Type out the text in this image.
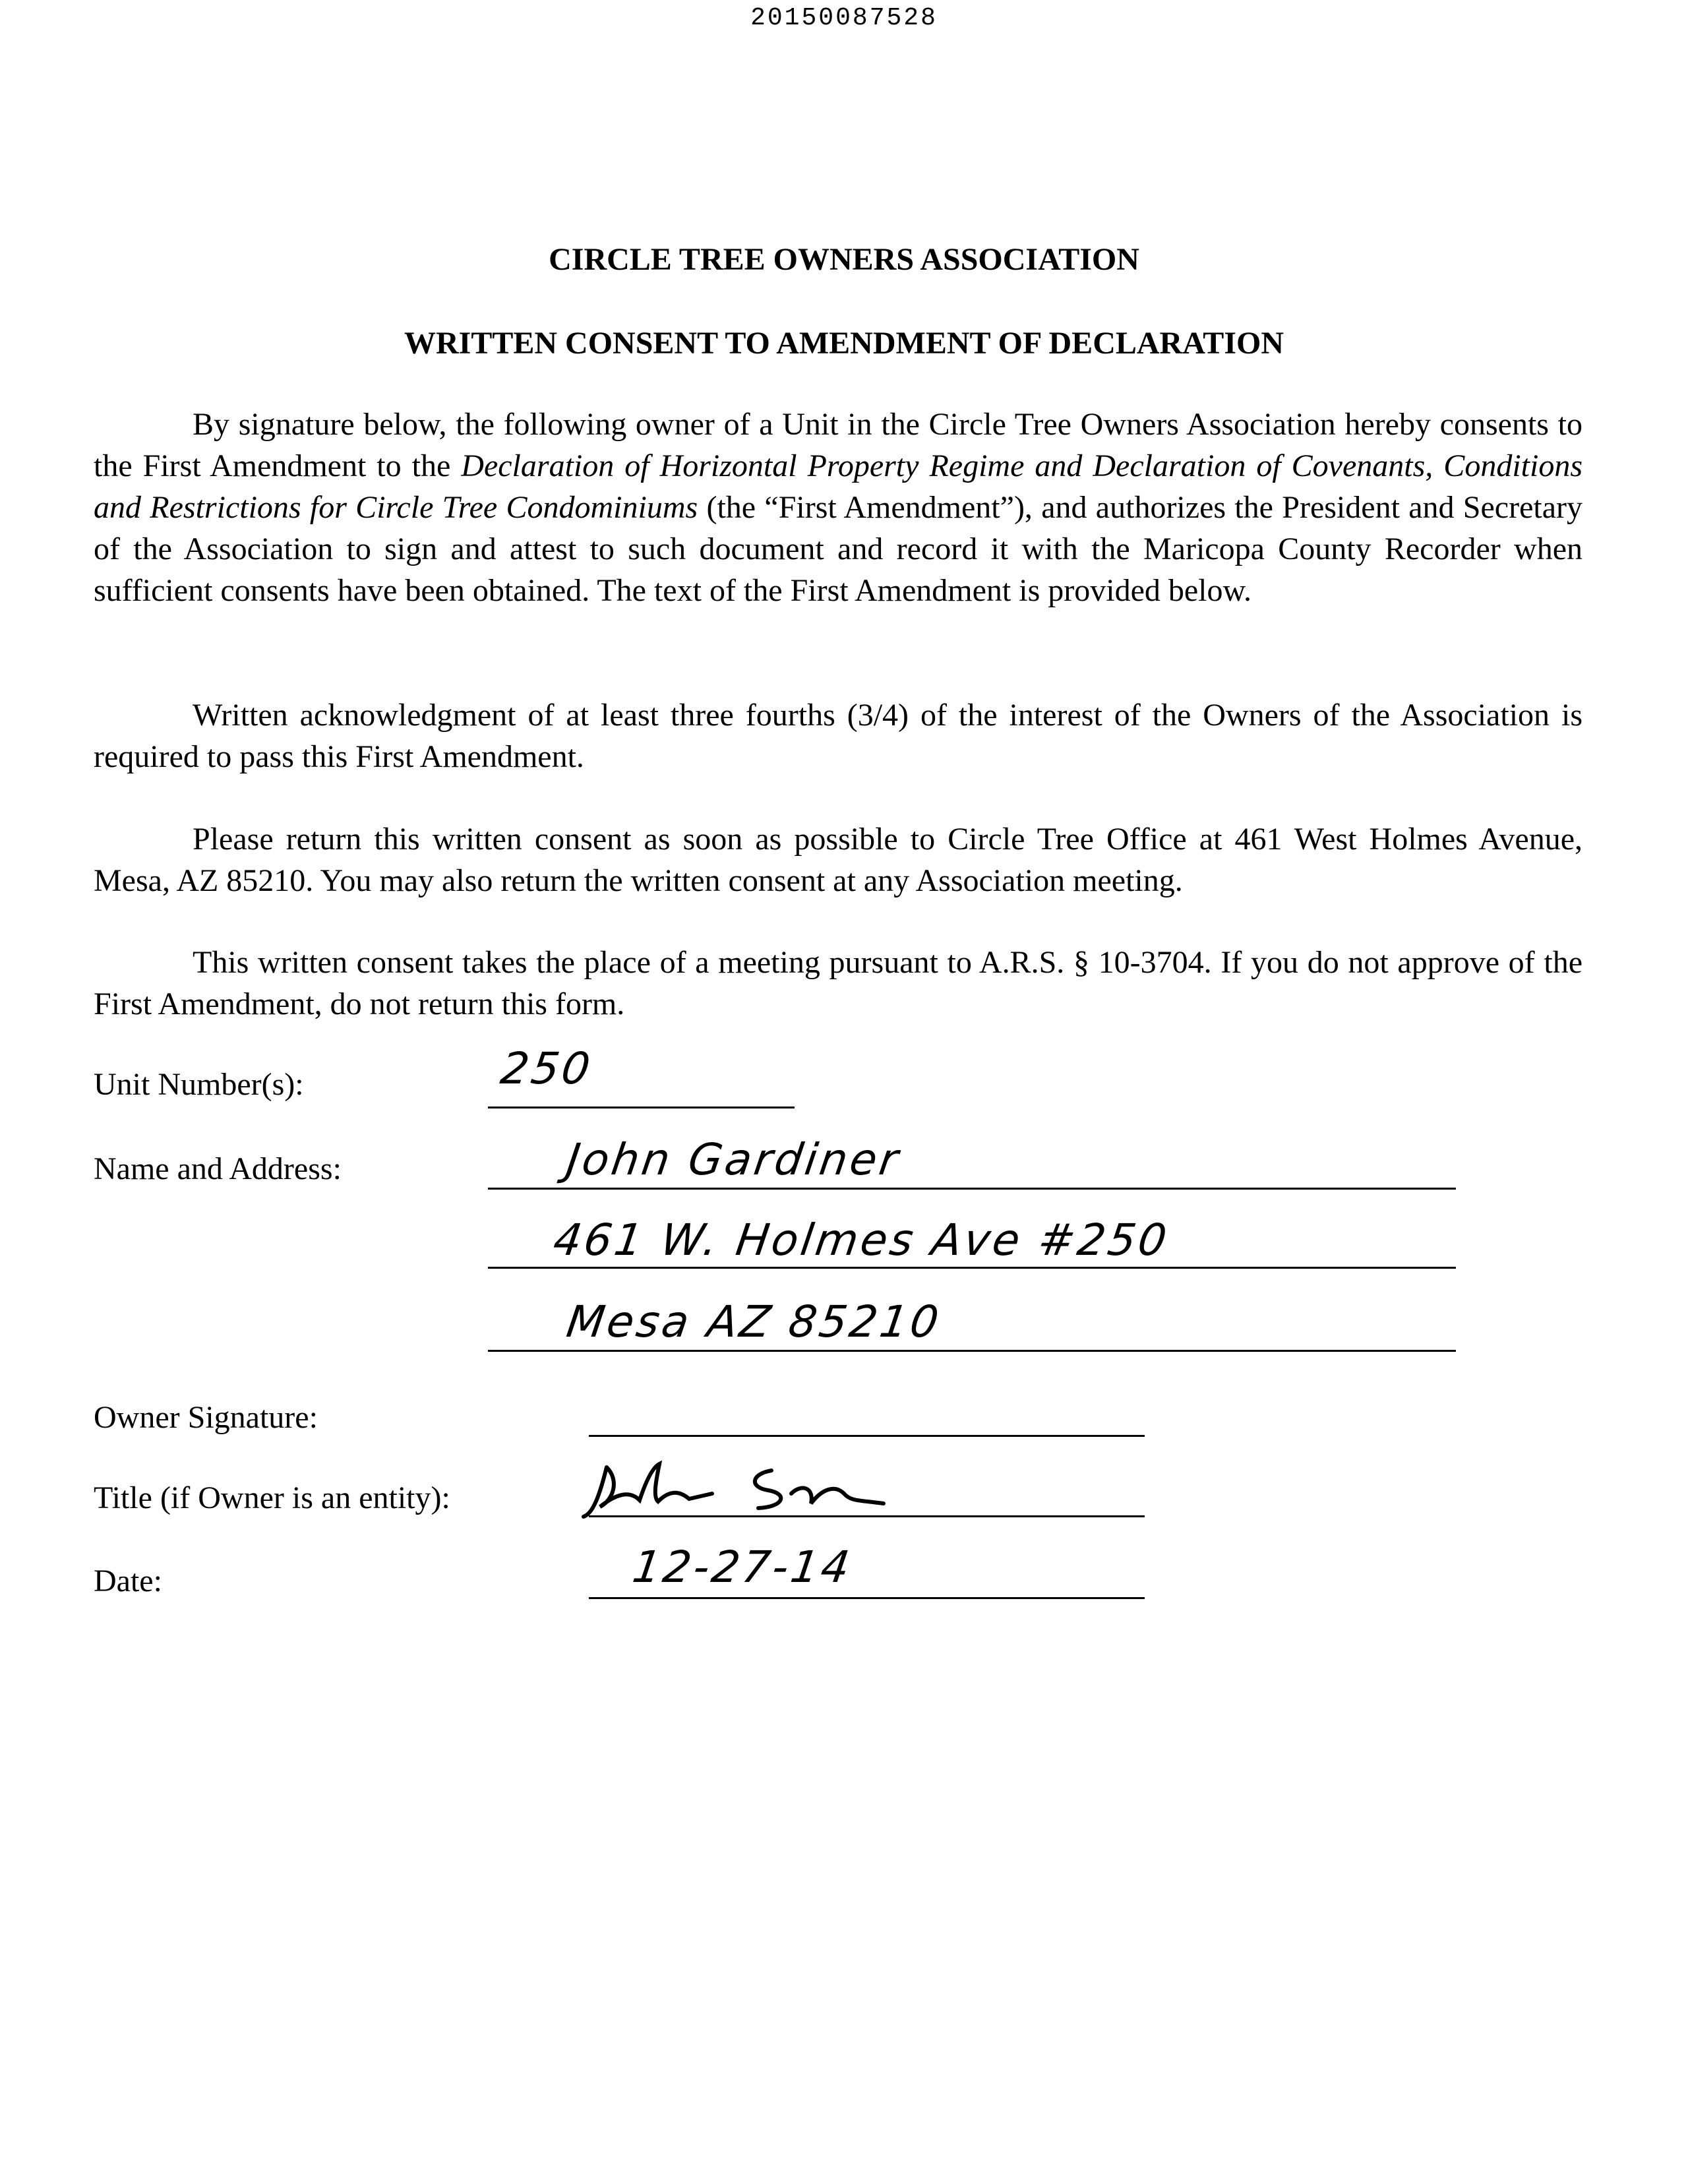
20150087528
CIRCLE TREE OWNERS ASSOCIATION
WRITTEN CONSENT TO AMENDMENT OF DECLARATION

By signature below, the following owner of a Unit in the Circle Tree Owners Association hereby consents to the First Amendment to the Declaration of Horizontal Property Regime and Declaration of Covenants, Conditions and Restrictions for Circle Tree Condominiums (the “First Amendment”), and authorizes the President and Secretary of the Association to sign and attest to such document and record it with the Maricopa County Recorder when sufficient consents have been obtained. The text of the First Amendment is provided below.

Written acknowledgment of at least three fourths (3/4) of the interest of the Owners of the Association is required to pass this First Amendment.

Please return this written consent as soon as possible to Circle Tree Office at 461 West Holmes Avenue, Mesa, AZ 85210. You may also return the written consent at any Association meeting.

This written consent takes the place of a meeting pursuant to A.R.S. § 10-3704. If you do not approve of the First Amendment, do not return this form.

Unit Number(s):	250
Name and Address:	John Gardiner
461 W. Holmes Ave #250
Mesa AZ 85210
Owner Signature:
Title (if Owner is an entity):
Date:	12-27-14
